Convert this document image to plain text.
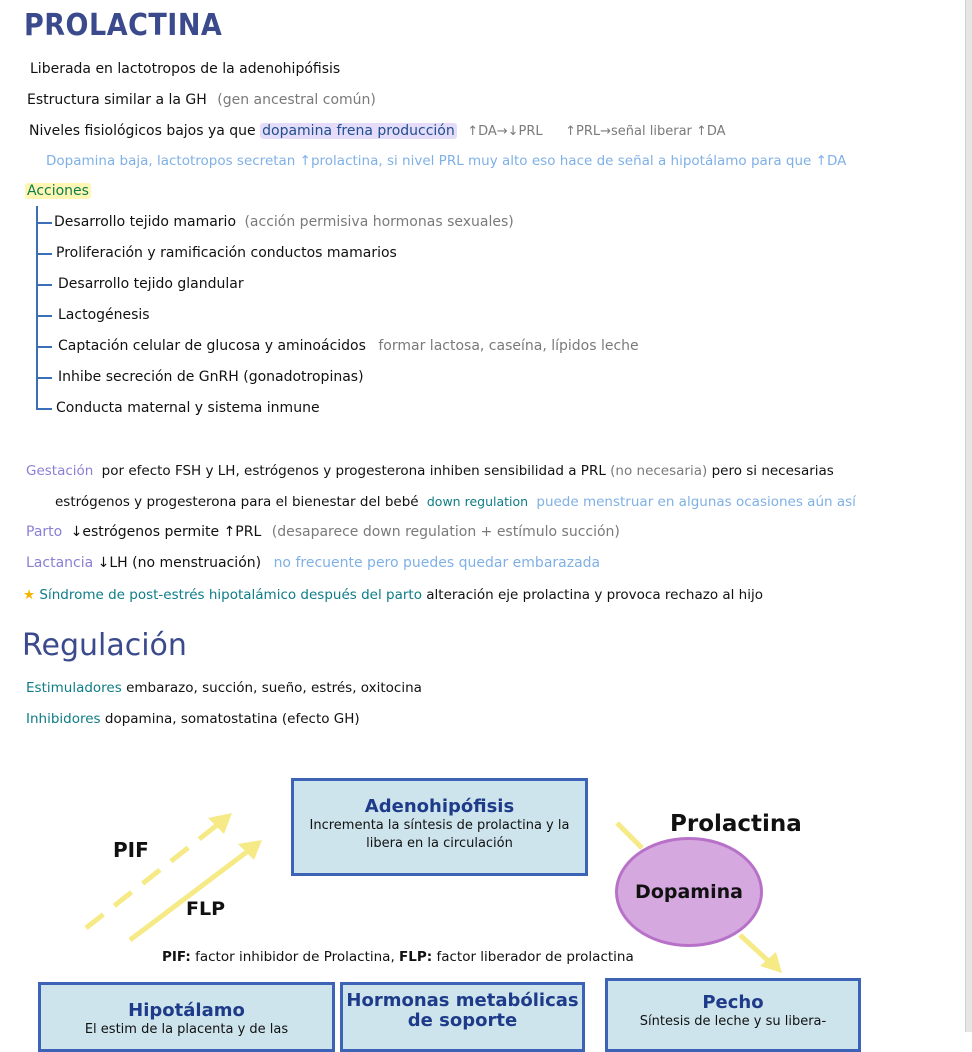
PROLACTINA
Liberada en lactotropos de la adenohipófisis
Estructura similar a la GH (gen ancestral común)
Niveles fisiológicos bajos ya que dopamina frena producción ↑DA→↓PRL ↑PRL→señal liberar ↑DA
Dopamina baja, lactotropos secretan ↑prolactina, si nivel PRL muy alto eso hace de señal a hipotálamo para que ↑DA
Acciones
Desarrollo tejido mamario (acción permisiva hormonas sexuales)
Proliferación y ramificación conductos mamarios
Desarrollo tejido glandular
Lactogénesis
Captación celular de glucosa y aminoácidos formar lactosa, caseína, lípidos leche
Inhibe secreción de GnRH (gonadotropinas)
Conducta maternal y sistema inmune
Gestación por efecto FSH y LH, estrógenos y progesterona inhiben sensibilidad a PRL (no necesaria) pero si necesarias
estrógenos y progesterona para el bienestar del bebé down regulation puede menstruar en algunas ocasiones aún así
Parto ↓estrógenos permite ↑PRL (desaparece down regulation + estímulo succión)
Lactancia ↓LH (no menstruación) no frecuente pero puedes quedar embarazada
★ Síndrome de post-estrés hipotalámico después del parto alteración eje prolactina y provoca rechazo al hijo
Regulación
Estimuladores embarazo, succión, sueño, estrés, oxitocina
Inhibidores dopamina, somatostatina (efecto GH)
Adenohipófisis
Incrementa la síntesis de prolactina y la
libera en la circulación
PIF
FLP
Prolactina
Dopamina
PIF: factor inhibidor de Prolactina, FLP: factor liberador de prolactina
Hipotálamo
El estim de la placenta y de las
Hormonas metabólicas
de soporte
Pecho
Síntesis de leche y su libera-
